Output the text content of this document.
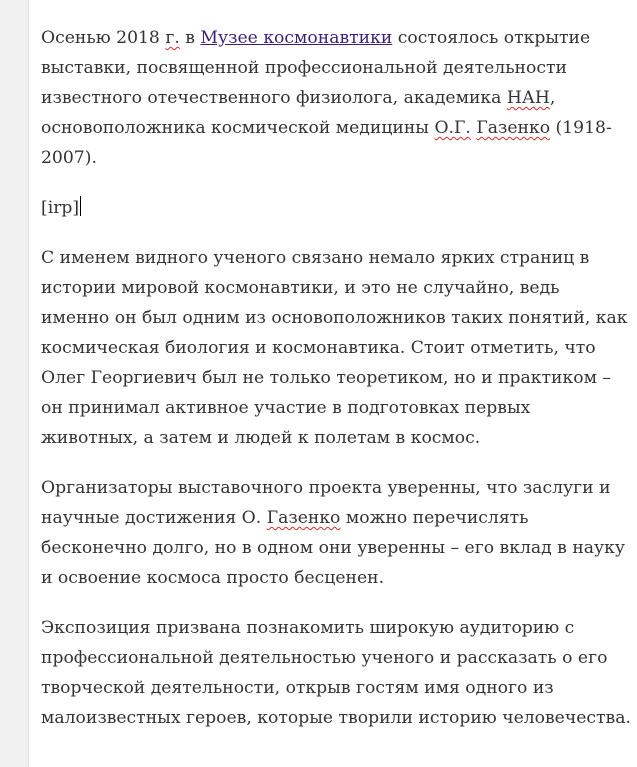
Осенью 2018 г. в Музее космонавтики состоялось открытие выставки, посвященной профессиональной деятельности известного отечественного физиолога, академика НАН, основоположника космической медицины О.Г. Газенко (1918-2007).

[irp]

С именем видного ученого связано немало ярких страниц в истории мировой космонавтики, и это не случайно, ведь именно он был одним из основоположников таких понятий, как космическая биология и космонавтика. Стоит отметить, что Олег Георгиевич был не только теоретиком, но и практиком – он принимал активное участие в подготовках первых животных, а затем и людей к полетам в космос.

Организаторы выставочного проекта уверенны, что заслуги и научные достижения О. Газенко можно перечислять бесконечно долго, но в одном они уверенны – его вклад в науку и освоение космоса просто бесценен.

Экспозиция призвана познакомить широкую аудиторию с профессиональной деятельностью ученого и рассказать о его творческой деятельности, открыв гостям имя одного из малоизвестных героев, которые творили историю человечества.
